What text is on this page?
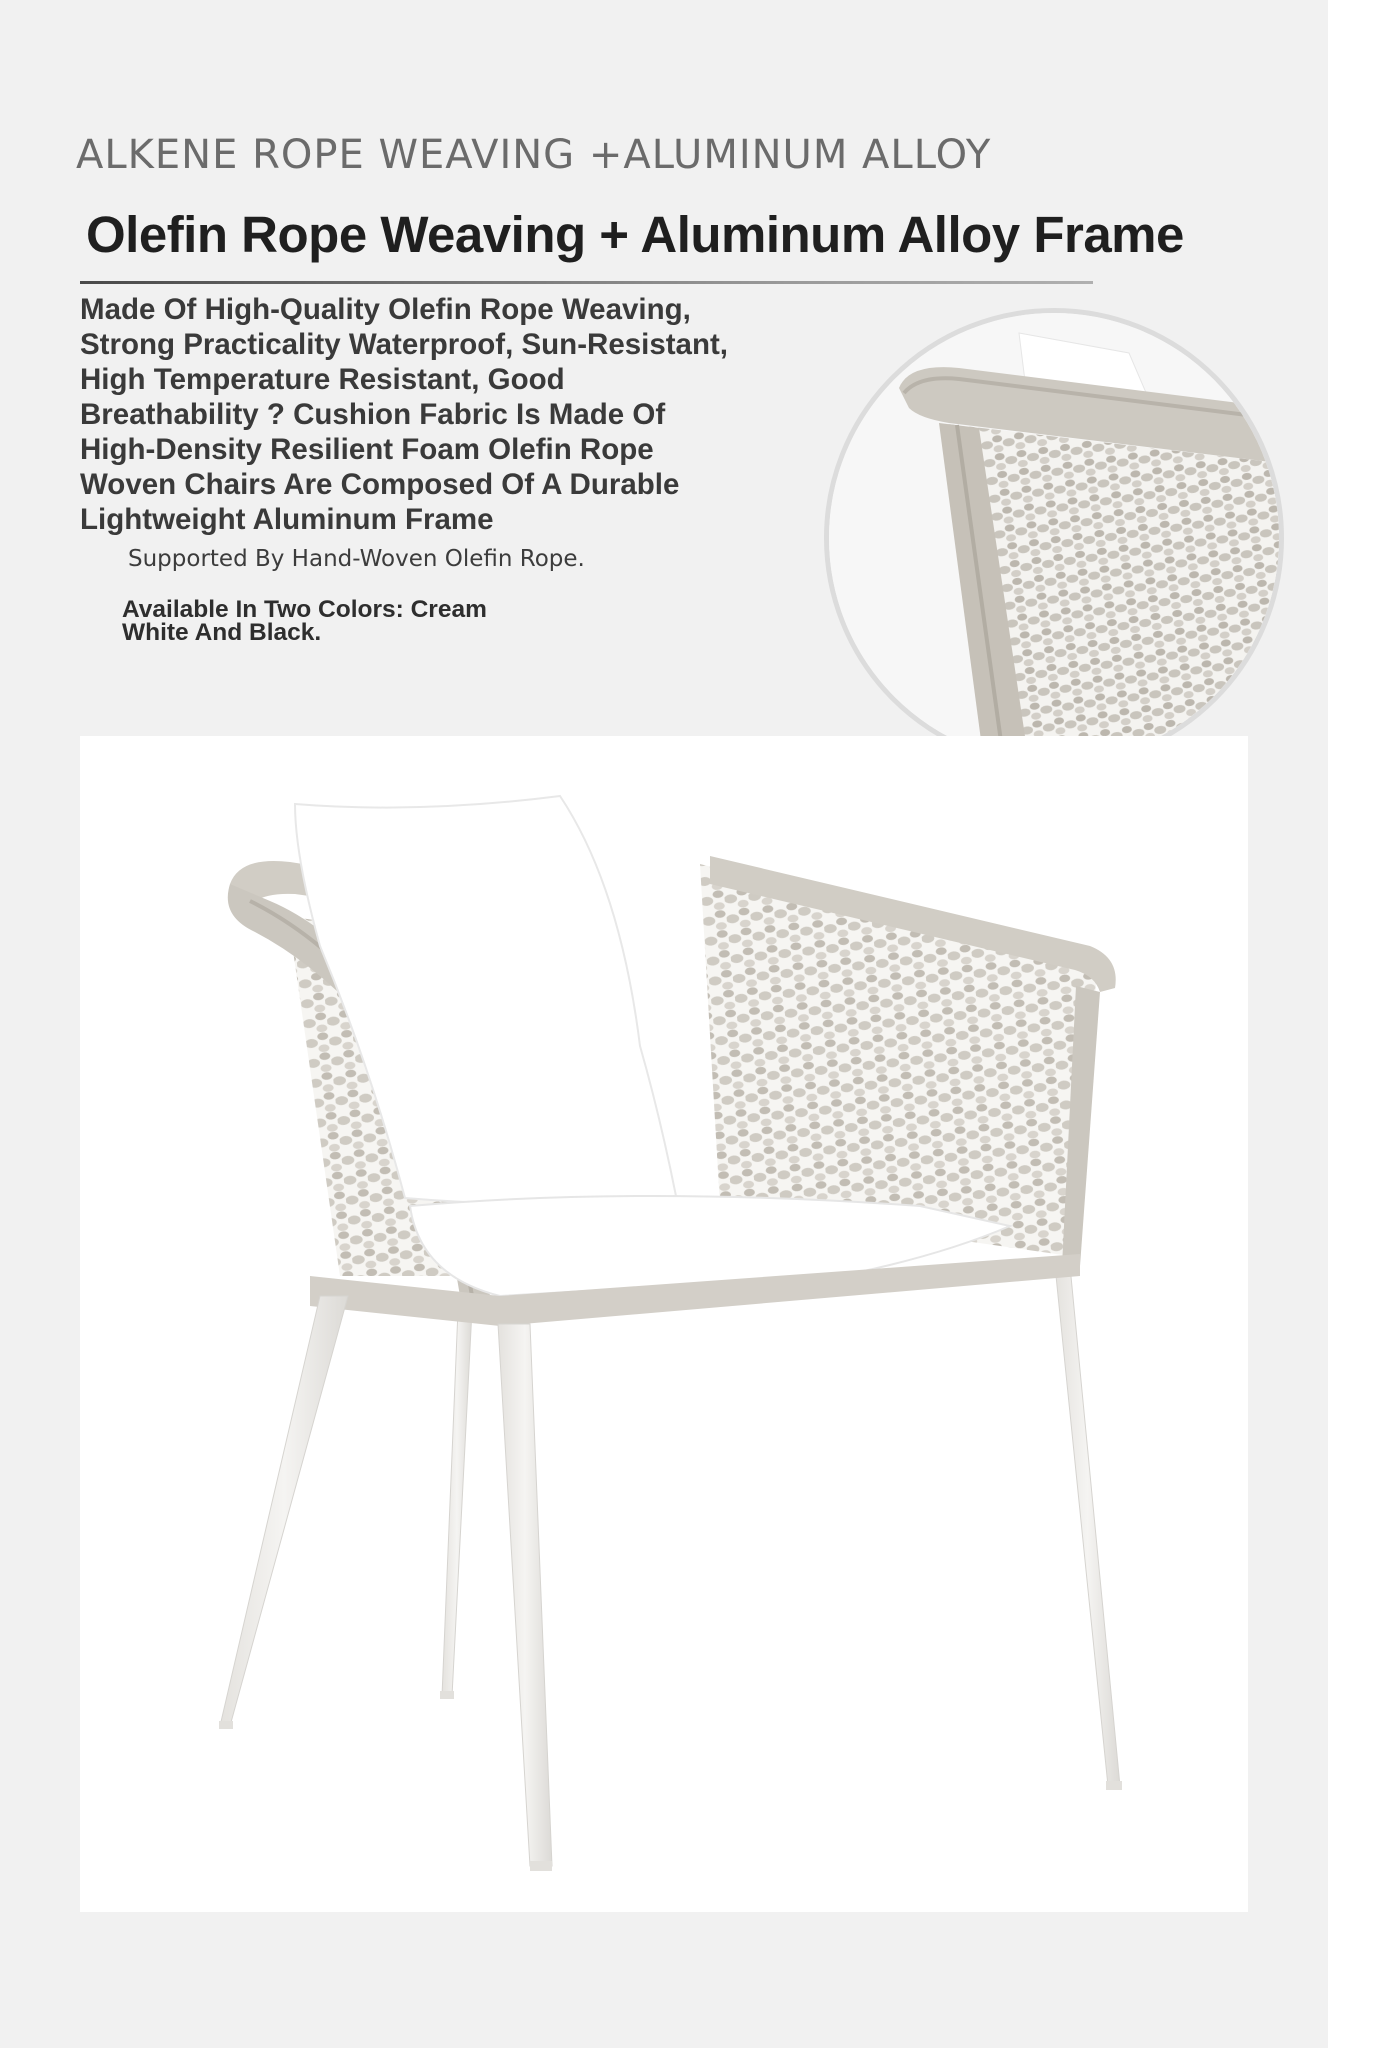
ALKENE ROPE WEAVING +ALUMINUM ALLOY
Olefin Rope Weaving + Aluminum Alloy Frame
Made Of High-Quality Olefin Rope Weaving,
Strong Practicality Waterproof, Sun-Resistant,
High Temperature Resistant, Good
Breathability ? Cushion Fabric Is Made Of
High-Density Resilient Foam Olefin Rope
Woven Chairs Are Composed Of A Durable
Lightweight Aluminum Frame
Supported By Hand-Woven Olefin Rope.
Available In Two Colors: Cream
White And Black.
